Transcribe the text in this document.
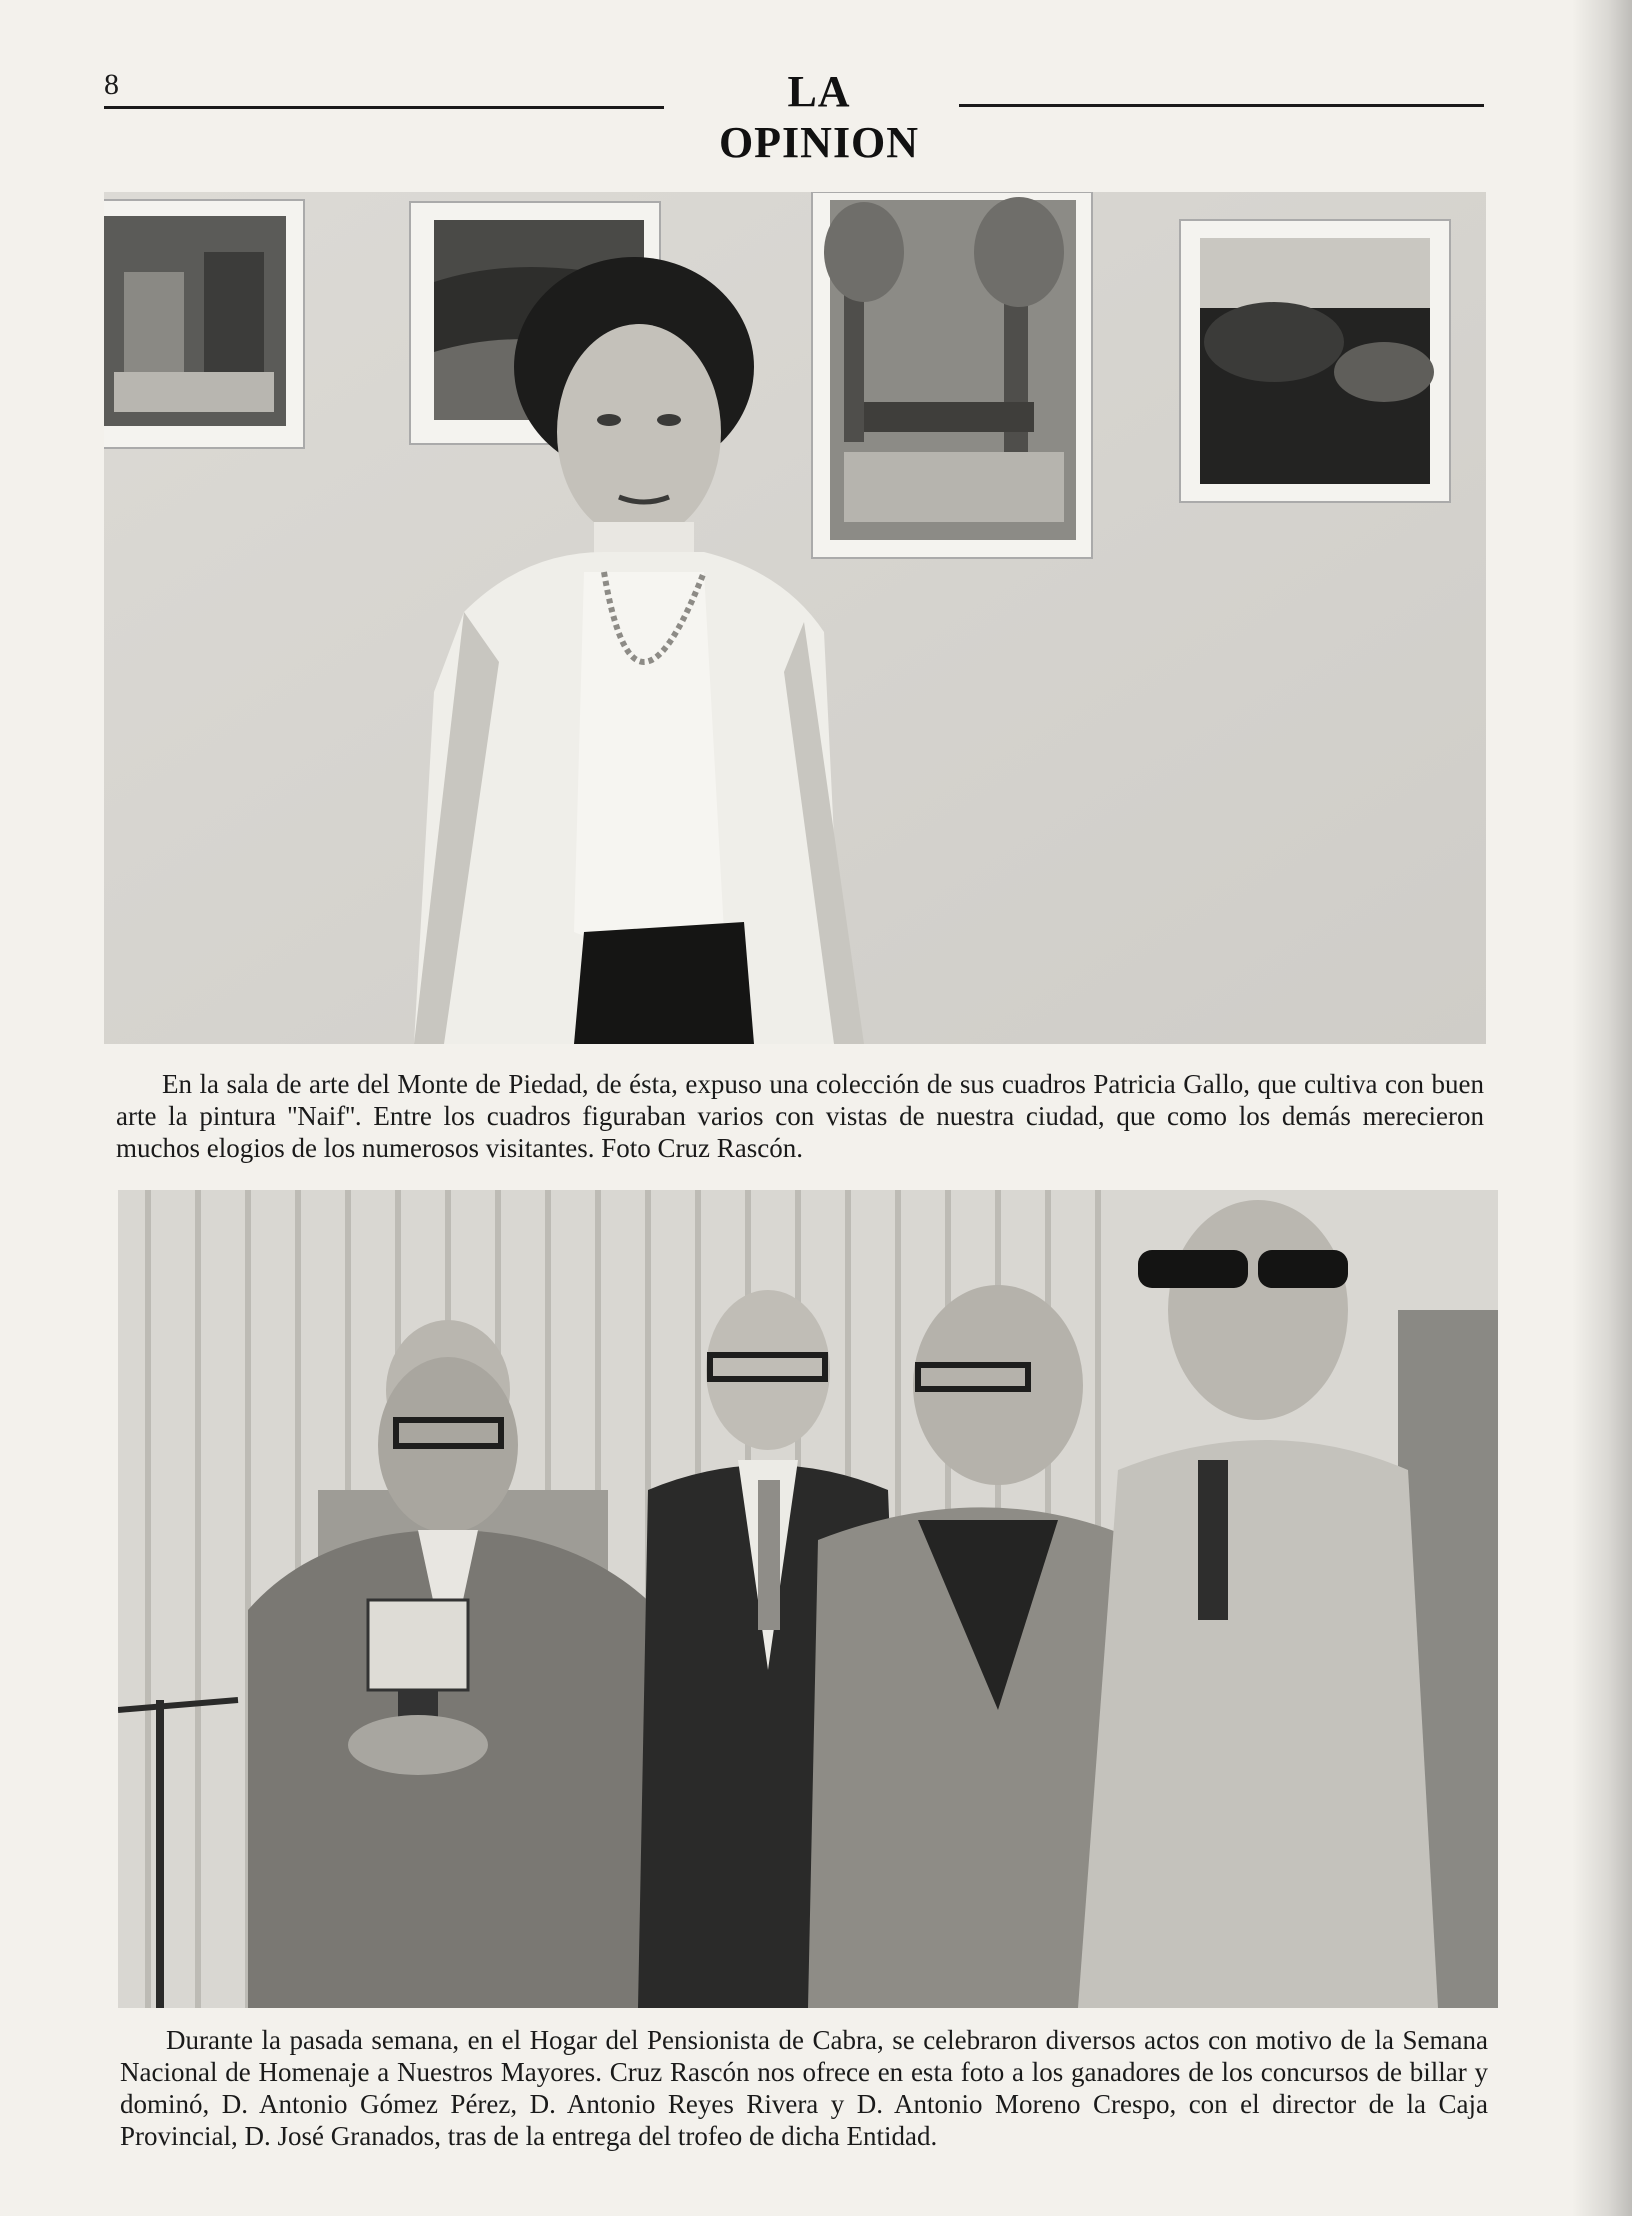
8	LA OPINION
En la sala de arte del Monte de Piedad, de ésta, expuso una colección de sus cuadros Patricia Gallo, que cultiva con buen arte la pintura ''Naif''. Entre los cuadros figuraban varios con vistas de nuestra ciudad, que como los demás merecieron muchos elogios de los numerosos visitantes. Foto Cruz Rascón.
Durante la pasada semana, en el Hogar del Pensionista de Cabra, se celebraron diversos actos con motivo de la Semana Nacional de Homenaje a Nuestros Mayores. Cruz Rascón nos ofrece en esta foto a los ganadores de los concursos de billar y dominó, D. Antonio Gómez Pérez, D. Antonio Reyes Rivera y D. Antonio Moreno Crespo, con el director de la Caja Provincial, D. José Granados, tras de la entrega del trofeo de dicha Entidad.
